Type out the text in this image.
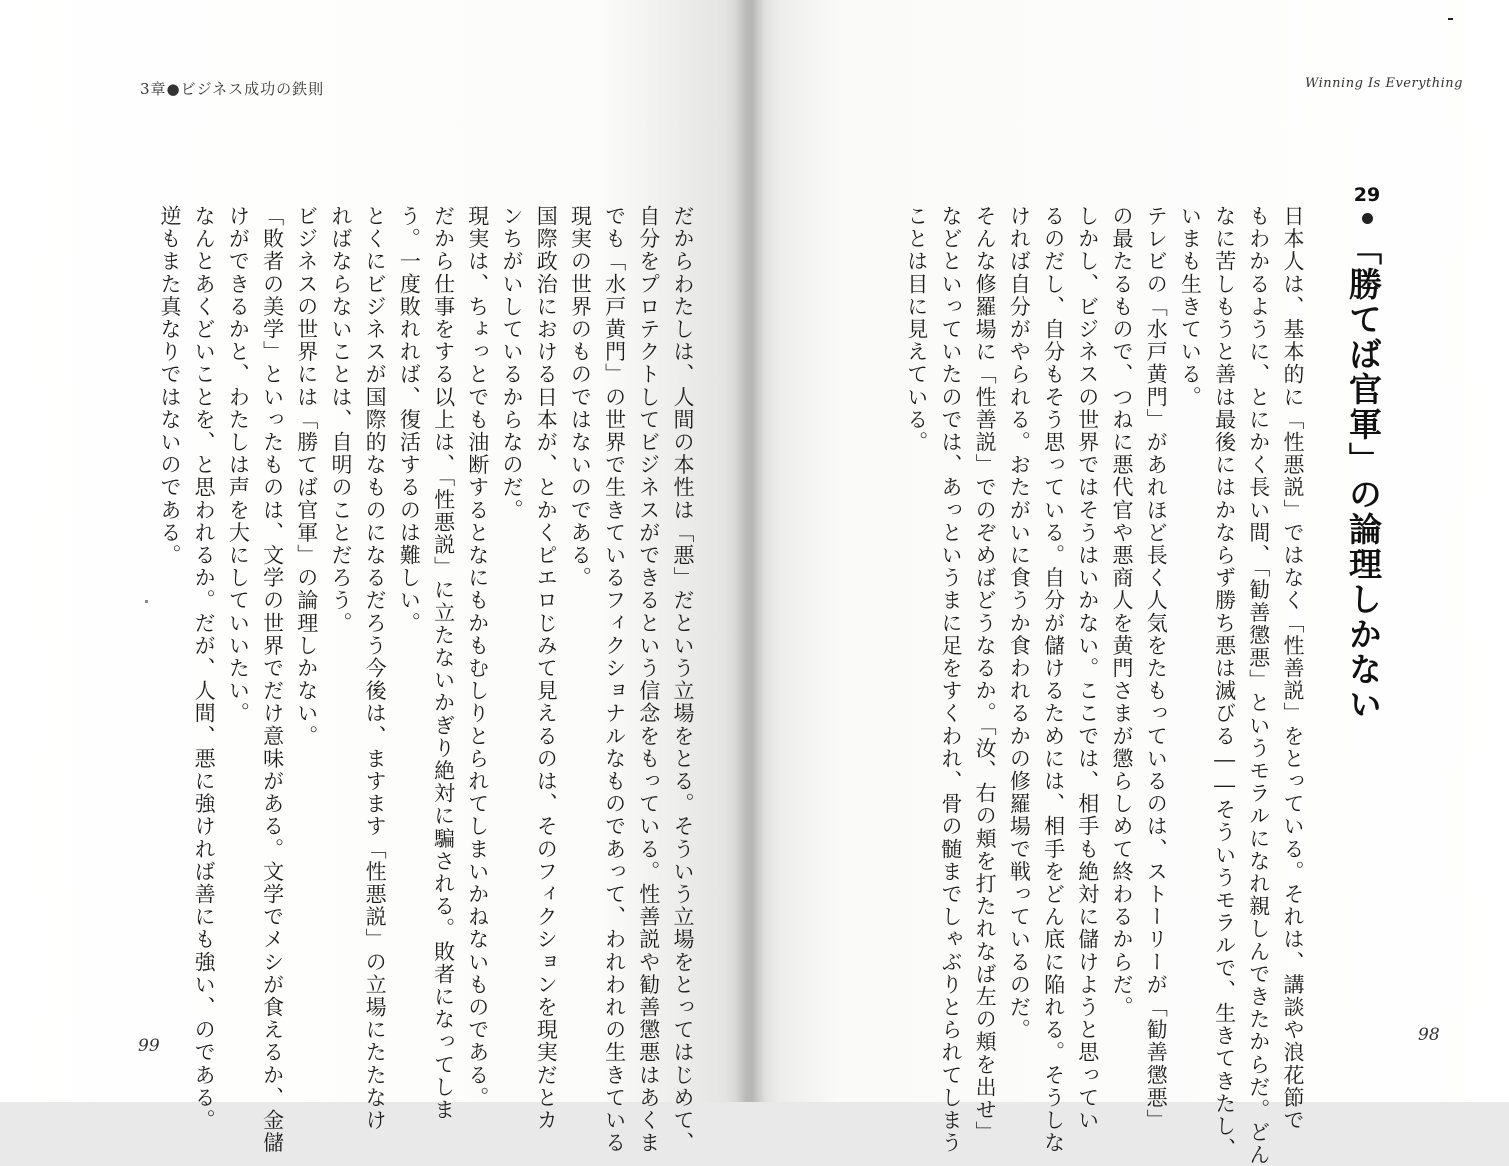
3章●ビジネス成功の鉄則	Winning Is Everything
29
「勝てば官軍」の論理しかない
日本人は、基本的に「性悪説」ではなく「性善説」をとっている。それは、講談や浪花節で
もわかるように、とにかく長い間、「勧善懲悪」というモラルになれ親しんできたからだ。どん
なに苦しもうと善は最後にはかならず勝ち悪は滅びる――そういうモラルで、生きてきたし、
いまも生きている。
テレビの「水戸黄門」があれほど長く人気をたもっているのは、ストーリーが「勧善懲悪」
の最たるもので、つねに悪代官や悪商人を黄門さまが懲らしめて終わるからだ。
しかし、ビジネスの世界ではそうはいかない。ここでは、相手も絶対に儲けようと思ってい
るのだし、自分もそう思っている。自分が儲けるためには、相手をどん底に陥れる。そうしな
ければ自分がやられる。おたがいに食うか食われるかの修羅場で戦っているのだ。
そんな修羅場に「性善説」でのぞめばどうなるか。「汝、右の頬を打たれなば左の頬を出せ」
などといっていたのでは、あっというまに足をすくわれ、骨の髄までしゃぶりとられてしまう
ことは目に見えている。
だからわたしは、人間の本性は「悪」だという立場をとる。そういう立場をとってはじめて、
自分をプロテクトしてビジネスができるという信念をもっている。性善説や勧善懲悪はあくま
でも「水戸黄門」の世界で生きているフィクショナルなものであって、われわれの生きている
現実の世界のものではないのである。
国際政治における日本が、とかくピエロじみて見えるのは、そのフィクションを現実だとカ
ンちがいしているからなのだ。
現実は、ちょっとでも油断するとなにもかもむしりとられてしまいかねないものである。
だから仕事をする以上は、「性悪説」に立たないかぎり絶対に騙される。敗者になってしま
う。一度敗れれば、復活するのは難しい。
とくにビジネスが国際的なものになるだろう今後は、ますます「性悪説」の立場にたたなけ
ればならないことは、自明のことだろう。
ビジネスの世界には「勝てば官軍」の論理しかない。
「敗者の美学」といったものは、文学の世界でだけ意味がある。文学でメシが食えるか、金儲
けができるかと、わたしは声を大にしていいたい。
なんとあくどいことを、と思われるか。だが、人間、悪に強ければ善にも強い、のである。
逆もまた真なりではないのである。
99
98
